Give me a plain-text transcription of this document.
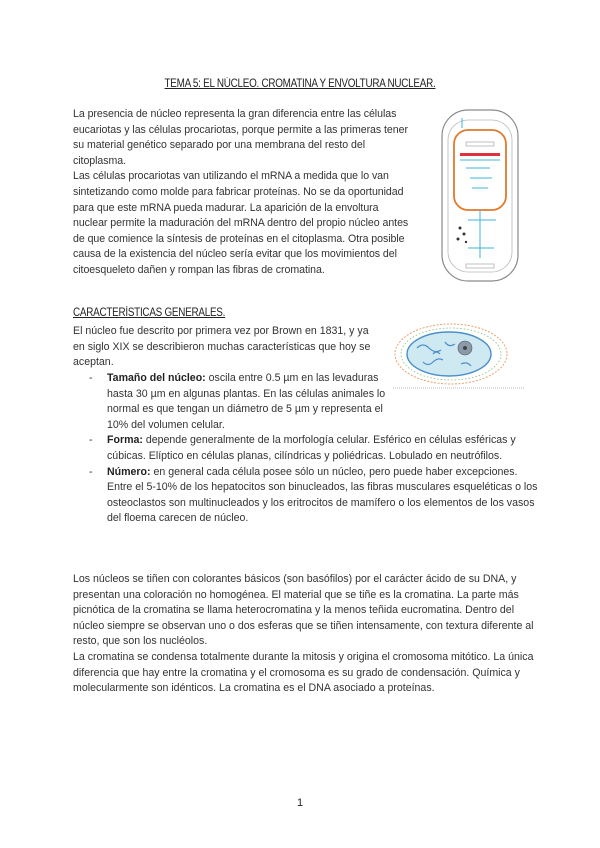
TEMA 5: EL NÚCLEO. CROMATINA Y ENVOLTURA NUCLEAR.

La presencia de núcleo representa la gran diferencia entre las células eucariotas y las células procariotas, porque permite a las primeras tener su material genético separado por una membrana del resto del citoplasma.

Las células procariotas van utilizando el mRNA a medida que lo van sintetizando como molde para fabricar proteínas. No se da oportunidad para que este mRNA pueda madurar. La aparición de la envoltura nuclear permite la maduración del mRNA dentro del propio núcleo antes de que comience la síntesis de proteínas en el citoplasma. Otra posible causa de la existencia del núcleo sería evitar que los movimientos del citoesqueleto dañen y rompan las fibras de cromatina.

CARACTERÍSTICAS GENERALES.

El núcleo fue descrito por primera vez por Brown en 1831, y ya en siglo XIX se describieron muchas características que hoy se aceptan.

- Tamaño del núcleo: oscila entre 0.5 µm en las levaduras hasta 30 µm en algunas plantas. En las células animales lo normal es que tengan un diámetro de 5 µm y representa el 10% del volumen celular.
- Forma: depende generalmente de la morfología celular. Esférico en células esféricas y cúbicas. Elíptico en células planas, cilíndricas y poliédricas. Lobulado en neutrófilos.
- Número: en general cada célula posee sólo un núcleo, pero puede haber excepciones. Entre el 5-10% de los hepatocitos son binucleados, las fibras musculares esqueléticas o los osteoclastos son multinucleados y los eritrocitos de mamífero o los elementos de los vasos del floema carecen de núcleo.

Los núcleos se tiñen con colorantes básicos (son basófilos) por el carácter ácido de su DNA, y presentan una coloración no homogénea. El material que se tiñe es la cromatina. La parte más picnótica de la cromatina se llama heterocromatina y la menos teñida eucromatina. Dentro del núcleo siempre se observan uno o dos esferas que se tiñen intensamente, con textura diferente al resto, que son los nucléolos.

La cromatina se condensa totalmente durante la mitosis y origina el cromosoma mitótico. La única diferencia que hay entre la cromatina y el cromosoma es su grado de condensación. Química y molecularmente son idénticos. La cromatina es el DNA asociado a proteínas.

1
